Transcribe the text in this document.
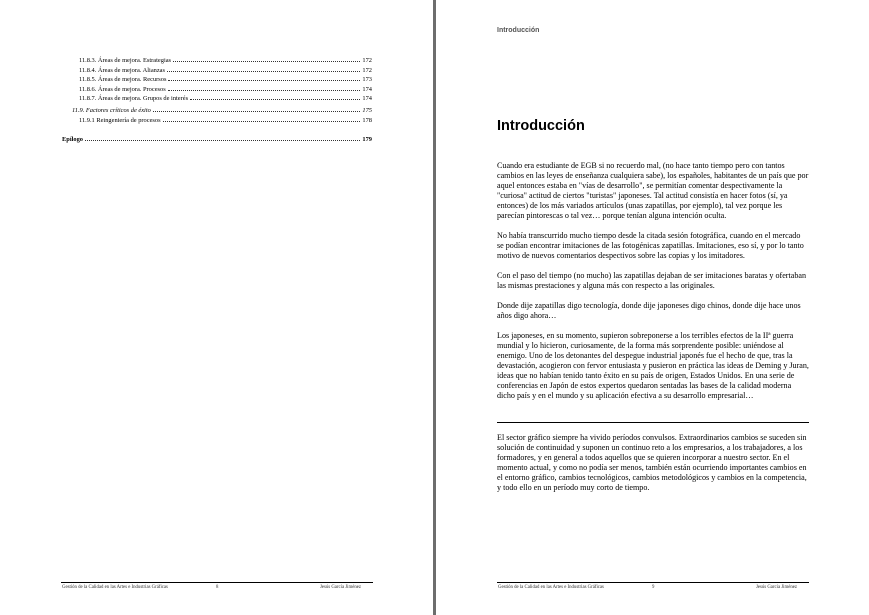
11.8.3. Áreas de mejora. Estrategias	172
11.8.4. Áreas de mejora. Alianzas	172
11.8.5. Áreas de mejora. Recursos	173
11.8.6. Áreas de mejora. Procesos	174
11.8.7. Áreas de mejora. Grupos de interés	174
11.9. Factores críticos de éxito	175
11.9.1 Reingeniería de procesos	178
Epílogo	179
Gestión de la Calidad en las Artes e Industrias Gráficas	8	Jesús García Jiménez
Introducción
Introducción

Cuando era estudiante de EGB si no recuerdo mal, (no hace tanto tiempo pero con tantos cambios en las leyes de enseñanza cualquiera sabe), los españoles, habitantes de un país que por aquel entonces estaba en "vías de desarrollo", se permitían comentar despectivamente la "curiosa" actitud de ciertos "turistas" japoneses. Tal actitud consistía en hacer fotos (sí, ya entonces) de los más variados artículos (unas zapatillas, por ejemplo), tal vez porque les parecían pintorescas o tal vez… porque tenían alguna intención oculta.

No había transcurrido mucho tiempo desde la citada sesión fotográfica, cuando en el mercado se podían encontrar imitaciones de las fotogénicas zapatillas. Imitaciones, eso sí, y por lo tanto motivo de nuevos comentarios despectivos sobre las copias y los imitadores.

Con el paso del tiempo (no mucho) las zapatillas dejaban de ser imitaciones baratas y ofertaban las mismas prestaciones y alguna más con respecto a las originales.

Donde dije zapatillas digo tecnología, donde dije japoneses digo chinos, donde dije hace unos años digo ahora…

Los japoneses, en su momento, supieron sobreponerse a los terribles efectos de la IIª guerra mundial y lo hicieron, curiosamente, de la forma más sorprendente posible: uniéndose al enemigo. Uno de los detonantes del despegue industrial japonés fue el hecho de que, tras la devastación, acogieron con fervor entusiasta y pusieron en práctica las ideas de Deming y Juran, ideas que no habían tenido tanto éxito en su país de origen, Estados Unidos. En una serie de conferencias en Japón de estos expertos quedaron sentadas las bases de la calidad moderna dicho país y en el mundo y su aplicación efectiva a su desarrollo empresarial…

El sector gráfico siempre ha vivido períodos convulsos. Extraordinarios cambios se suceden sin solución de continuidad y suponen un continuo reto a los empresarios, a los trabajadores, a los formadores, y en general a todos aquellos que se quieren incorporar a nuestro sector. En el momento actual, y como no podía ser menos, también están ocurriendo importantes cambios en el entorno gráfico, cambios tecnológicos, cambios metodológicos y cambios en la competencia, y todo ello en un período muy corto de tiempo.

Gestión de la Calidad en las Artes e Industrias Gráficas	9	Jesús García Jiménez
